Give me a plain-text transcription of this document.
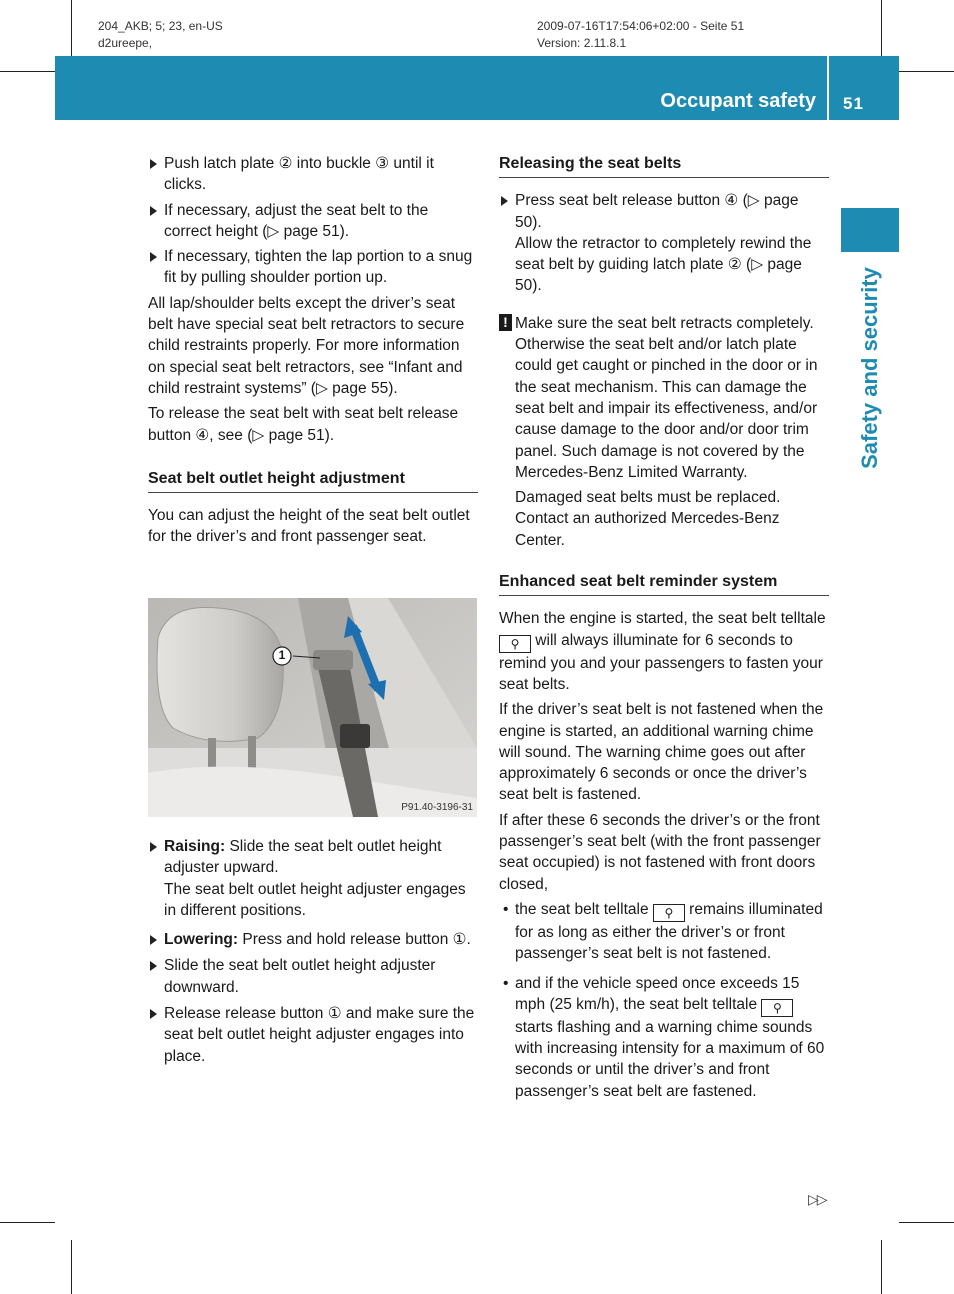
204_AKB; 5; 23, en-US
d2ureepe,
2009-07-16T17:54:06+02:00 - Seite 51
Version: 2.11.8.1
Occupant safety 51
Safety and security
Push latch plate ② into buckle ③ until it clicks.
If necessary, adjust the seat belt to the correct height (▷ page 51).
If necessary, tighten the lap portion to a snug fit by pulling shoulder portion up.

All lap/shoulder belts except the driver’s seat belt have special seat belt retractors to secure child restraints properly. For more information on special seat belt retractors, see “Infant and child restraint systems” (▷ page 55).

To release the seat belt with seat belt release button ④, see (▷ page 51).

Seat belt outlet height adjustment

You can adjust the height of the seat belt outlet for the driver’s and front passenger seat.

1
P91.40-3196-31
Raising: Slide the seat belt outlet height adjuster upward.
The seat belt outlet height adjuster engages in different positions.
Lowering: Press and hold release button ①.
Slide the seat belt outlet height adjuster downward.
Release release button ① and make sure the seat belt outlet height adjuster engages into place.
Releasing the seat belts
Press seat belt release button ④ (▷ page 50).
Allow the retractor to completely rewind the seat belt by guiding latch plate ② (▷ page 50).
! Make sure the seat belt retracts completely. Otherwise the seat belt and/or latch plate could get caught or pinched in the door or in the seat mechanism. This can damage the seat belt and impair its effectiveness, and/or cause damage to the door and/or door trim panel. Such damage is not covered by the Mercedes-Benz Limited Warranty.

Damaged seat belts must be replaced. Contact an authorized Mercedes-Benz Center.

Enhanced seat belt reminder system

When the engine is started, the seat belt telltale ⚲ will always illuminate for 6 seconds to remind you and your passengers to fasten your seat belts.

If the driver’s seat belt is not fastened when the engine is started, an additional warning chime will sound. The warning chime goes out after approximately 6 seconds or once the driver’s seat belt is fastened.

If after these 6 seconds the driver’s or the front passenger’s seat belt (with the front passenger seat occupied) is not fastened with front doors closed,

• the seat belt telltale ⚲ remains illuminated for as long as either the driver’s or front passenger’s seat belt is not fastened.
• and if the vehicle speed once exceeds 15 mph (25 km/h), the seat belt telltale ⚲ starts flashing and a warning chime sounds with increasing intensity for a maximum of 60 seconds or until the driver’s and front passenger’s seat belt are fastened.
▷▷
